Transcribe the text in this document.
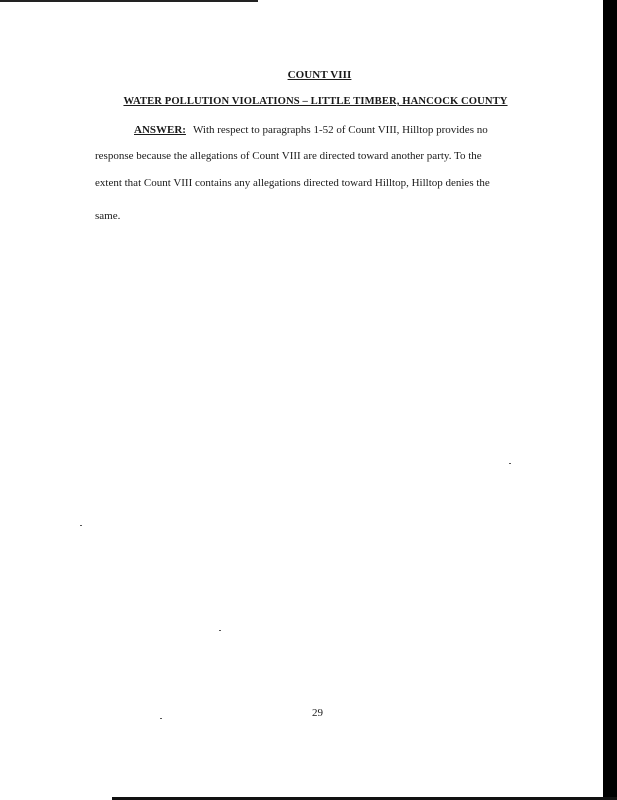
COUNT VIII
WATER POLLUTION VIOLATIONS – LITTLE TIMBER, HANCOCK COUNTY
ANSWER: With respect to paragraphs 1-52 of Count VIII, Hilltop provides no
response because the allegations of Count VIII are directed toward another party. To the
extent that Count VIII contains any allegations directed toward Hilltop, Hilltop denies the
same.
29
